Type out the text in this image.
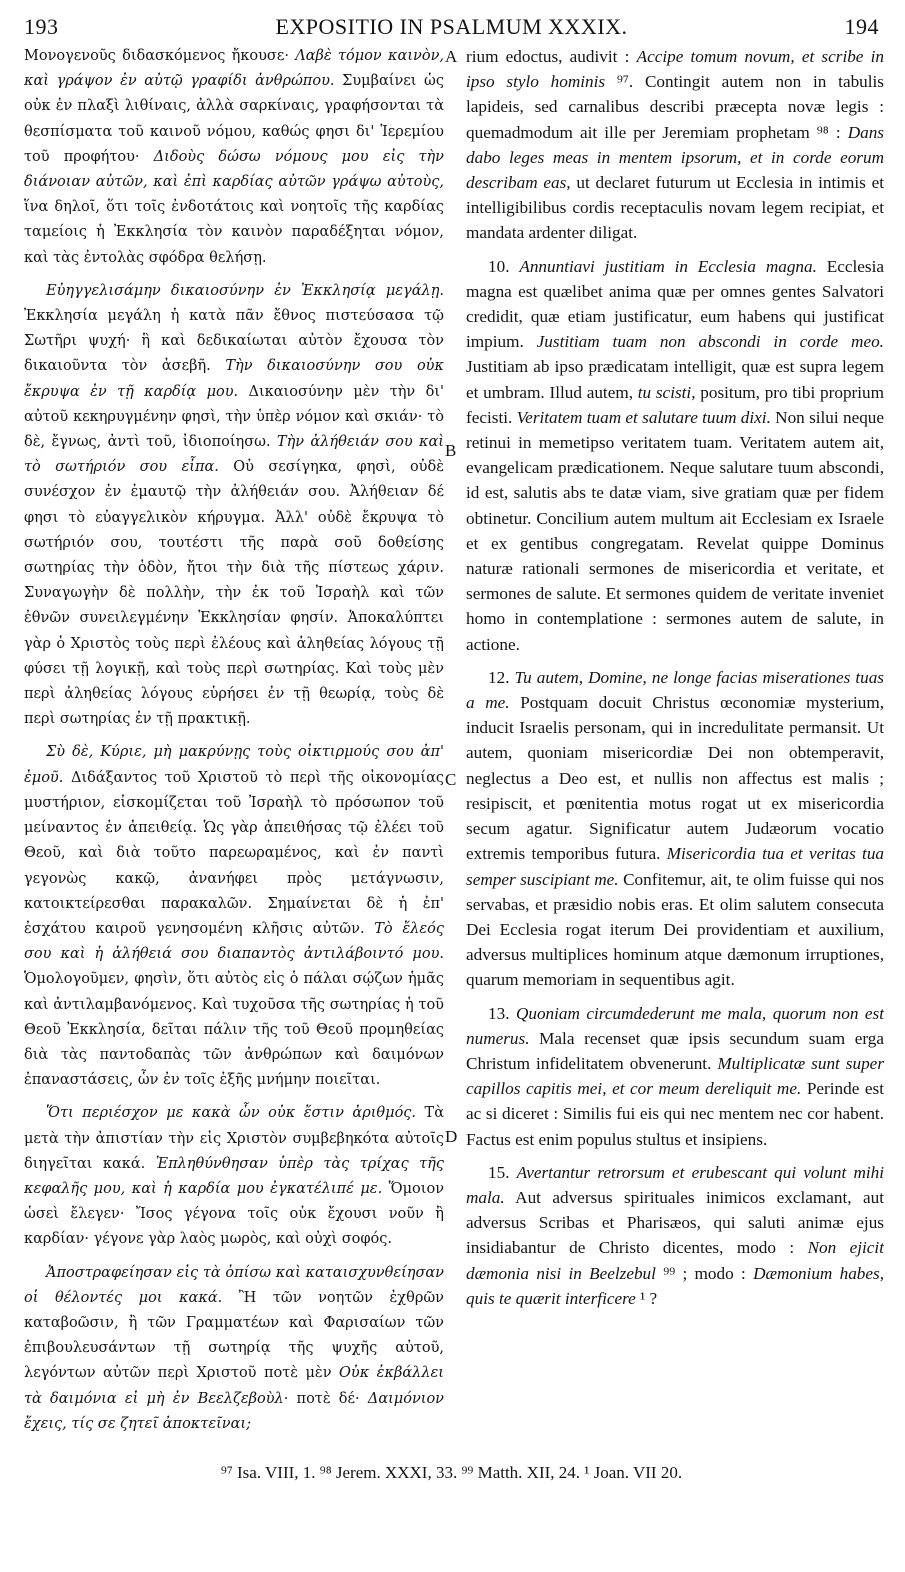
193	EXPOSITIO IN PSALMUM XXXIX.	194

Μονογενοῦς διδασκόμενος ἤκουσε· Λαβὲ τόμον καινὸν, καὶ γράψον ἐν αὐτῷ γραφίδι ἀνθρώπου. Συμβαίνει ὡς οὐκ ἐν πλαξὶ λιθίναις, ἀλλὰ σαρκίναις, γραφήσονται τὰ θεσπίσματα τοῦ καινοῦ νόμου, καθώς φησι δι' Ἱερεμίου τοῦ προφήτου· Διδοὺς δώσω νόμους μου εἰς τὴν διάνοιαν αὐτῶν, καὶ ἐπὶ καρδίας αὐτῶν γράψω αὐτοὺς, ἵνα δηλοῖ, ὅτι τοῖς ἐνδοτάτοις καὶ νοητοῖς τῆς καρδίας ταμείοις ἡ Ἐκκλησία τὸν καινὸν παραδέξηται νόμον, καὶ τὰς ἐντολὰς σφόδρα θελήσῃ.

Εὐηγγελισάμην δικαιοσύνην ἐν Ἐκκλησίᾳ μεγάλῃ. Ἐκκλησία μεγάλη ἡ κατὰ πᾶν ἔθνος πιστεύσασα τῷ Σωτῆρι ψυχή· ἣ καὶ δεδικαίωται αὐτὸν ἔχουσα τὸν δικαιοῦντα τὸν ἀσεβῆ. Τὴν δικαιοσύνην σου οὐκ ἔκρυψα ἐν τῇ καρδίᾳ μου. Δικαιοσύνην μὲν τὴν δι' αὐτοῦ κεκηρυγμένην φησὶ, τὴν ὑπὲρ νόμον καὶ σκιάν· τὸ δὲ, ἔγνως, ἀντὶ τοῦ, ἰδιοποίησω. Τὴν ἀλήθειάν σου καὶ τὸ σωτήριόν σου εἶπα. Οὐ σεσίγηκα, φησὶ, οὐδὲ συνέσχον ἐν ἐμαυτῷ τὴν ἀλήθειάν σου. Ἀλήθειαν δέ φησι τὸ εὐαγγελικὸν κήρυγμα. Ἀλλ' οὐδὲ ἔκρυψα τὸ σωτήριόν σου, τουτέστι τῆς παρὰ σοῦ δοθείσης σωτηρίας τὴν ὁδὸν, ἤτοι τὴν διὰ τῆς πίστεως χάριν. Συναγωγὴν δὲ πολλὴν, τὴν ἐκ τοῦ Ἰσραὴλ καὶ τῶν ἐθνῶν συνειλεγμένην Ἐκκλησίαν φησίν. Ἀποκαλύπτει γὰρ ὁ Χριστὸς τοὺς περὶ ἐλέους καὶ ἀληθείας λόγους τῇ φύσει τῇ λογικῇ, καὶ τοὺς περὶ σωτηρίας. Καὶ τοὺς μὲν περὶ ἀληθείας λόγους εὑρήσει ἐν τῇ θεωρίᾳ, τοὺς δὲ περὶ σωτηρίας ἐν τῇ πρακτικῇ.

Σὺ δὲ, Κύριε, μὴ μακρύνῃς τοὺς οἰκτιρμούς σου ἀπ' ἐμοῦ. Διδάξαντος τοῦ Χριστοῦ τὸ περὶ τῆς οἰκονομίας μυστήριον, εἰσκομίζεται τοῦ Ἰσραὴλ τὸ πρόσωπον τοῦ μείναντος ἐν ἀπειθείᾳ. Ὡς γὰρ ἀπειθήσας τῷ ἐλέει τοῦ Θεοῦ, καὶ διὰ τοῦτο παρεωραμένος, καὶ ἐν παντὶ γεγονὼς κακῷ, ἀνανήφει πρὸς μετάγνωσιν, κατοικτείρεσθαι παρακαλῶν. Σημαίνεται δὲ ἡ ἐπ' ἐσχάτου καιροῦ γενησομένη κλῆσις αὐτῶν. Τὸ ἔλεός σου καὶ ἡ ἀλήθειά σου διαπαντὸς ἀντιλάβοιντό μου. Ὁμολογοῦμεν, φησὶν, ὅτι αὐτὸς εἰς ὁ πάλαι σῴζων ἡμᾶς καὶ ἀντιλαμβανόμενος. Καὶ τυχοῦσα τῆς σωτηρίας ἡ τοῦ Θεοῦ Ἐκκλησία, δεῖται πάλιν τῆς τοῦ Θεοῦ προμηθείας διὰ τὰς παντοδαπὰς τῶν ἀνθρώπων καὶ δαιμόνων ἐπαναστάσεις, ὧν ἐν τοῖς ἑξῆς μνήμην ποιεῖται.

Ὅτι περιέσχον με κακὰ ὧν οὐκ ἔστιν ἀριθμός. Τὰ μετὰ τὴν ἀπιστίαν τὴν εἰς Χριστὸν συμβεβηκότα αὐτοῖς διηγεῖται κακά. Ἐπληθύνθησαν ὑπὲρ τὰς τρίχας τῆς κεφαλῆς μου, καὶ ἡ καρδία μου ἐγκατέλιπέ με. Ὅμοιον ὡσεὶ ἔλεγεν· Ἴσος γέγονα τοῖς οὐκ ἔχουσι νοῦν ἢ καρδίαν· γέγονε γὰρ λαὸς μωρὸς, καὶ οὐχὶ σοφός.

Ἀποστραφείησαν εἰς τὰ ὀπίσω καὶ καταισχυνθείησαν οἱ θέλοντές μοι κακά. Ἢ τῶν νοητῶν ἐχθρῶν καταβοῶσιν, ἢ τῶν Γραμματέων καὶ Φαρισαίων τῶν ἐπιβουλευσάντων τῇ σωτηρίᾳ τῆς ψυχῆς αὐτοῦ, λεγόντων αὐτῶν περὶ Χριστοῦ ποτὲ μὲν Οὐκ ἐκβάλλει τὰ δαιμόνια εἰ μὴ ἐν Βεελζεβοὺλ· ποτὲ δέ· Δαιμόνιον ἔχεις, τίς σε ζητεῖ ἀποκτεῖναι;

rium edoctus, audivit : Accipe tomum novum, et scribe in ipso stylo hominis ⁹⁷. Contingit autem non in tabulis lapideis, sed carnalibus describi præcepta novæ legis : quemadmodum ait ille per Jeremiam prophetam ⁹⁸ : Dans dabo leges meas in mentem ipsorum, et in corde eorum describam eas, ut declaret futurum ut Ecclesia in intimis et intelligibilibus cordis receptaculis novam legem recipiat, et mandata ardenter diligat.

10. Annuntiavi justitiam in Ecclesia magna. Ecclesia magna est quælibet anima quæ per omnes gentes Salvatori credidit, quæ etiam justificatur, eum habens qui justificat impium. Justitiam tuam non abscondi in corde meo. Justitiam ab ipso prædicatam intelligit, quæ est supra legem et umbram. Illud autem, tu scisti, positum, pro tibi proprium fecisti. Veritatem tuam et salutare tuum dixi. Non silui neque retinui in memetipso veritatem tuam. Veritatem autem ait, evangelicam prædicationem. Neque salutare tuum abscondi, id est, salutis abs te datæ viam, sive gratiam quæ per fidem obtinetur. Concilium autem multum ait Ecclesiam ex Israele et ex gentibus congregatam. Revelat quippe Dominus naturæ rationali sermones de misericordia et veritate, et sermones de salute. Et sermones quidem de veritate inveniet homo in contemplatione : sermones autem de salute, in actione.

12. Tu autem, Domine, ne longe facias miserationes tuas a me. Postquam docuit Christus œconomiæ mysterium, inducit Israelis personam, qui in incredulitate permansit. Ut autem, quoniam misericordiæ Dei non obtemperavit, neglectus a Deo est, et nullis non affectus est malis ; resipiscit, et pœnitentia motus rogat ut ex misericordia secum agatur. Significatur autem Judæorum vocatio extremis temporibus futura. Misericordia tua et veritas tua semper suscipiant me. Confitemur, ait, te olim fuisse qui nos servabas, et præsidio nobis eras. Et olim salutem consecuta Dei Ecclesia rogat iterum Dei providentiam et auxilium, adversus multiplices hominum atque dæmonum irruptiones, quarum memoriam in sequentibus agit.

13. Quoniam circumdederunt me mala, quorum non est numerus. Mala recenset quæ ipsis secundum suam erga Christum infidelitatem obvenerunt. Multiplicatæ sunt super capillos capitis mei, et cor meum dereliquit me. Perinde est ac si diceret : Similis fui eis qui nec mentem nec cor habent. Factus est enim populus stultus et insipiens.

15. Avertantur retrorsum et erubescant qui volunt mihi mala. Aut adversus spirituales inimicos exclamant, aut adversus Scribas et Pharisæos, qui saluti animæ ejus insidiabantur de Christo dicentes, modo : Non ejicit dæmonia nisi in Beelzebul ⁹⁹ ; modo : Dæmonium habes, quis te quærit interficere ¹ ?

A
B
C
D
⁹⁷ Isa. VIII, 1. ⁹⁸ Jerem. XXXI, 33. ⁹⁹ Matth. XII, 24. ¹ Joan. VII 20.
